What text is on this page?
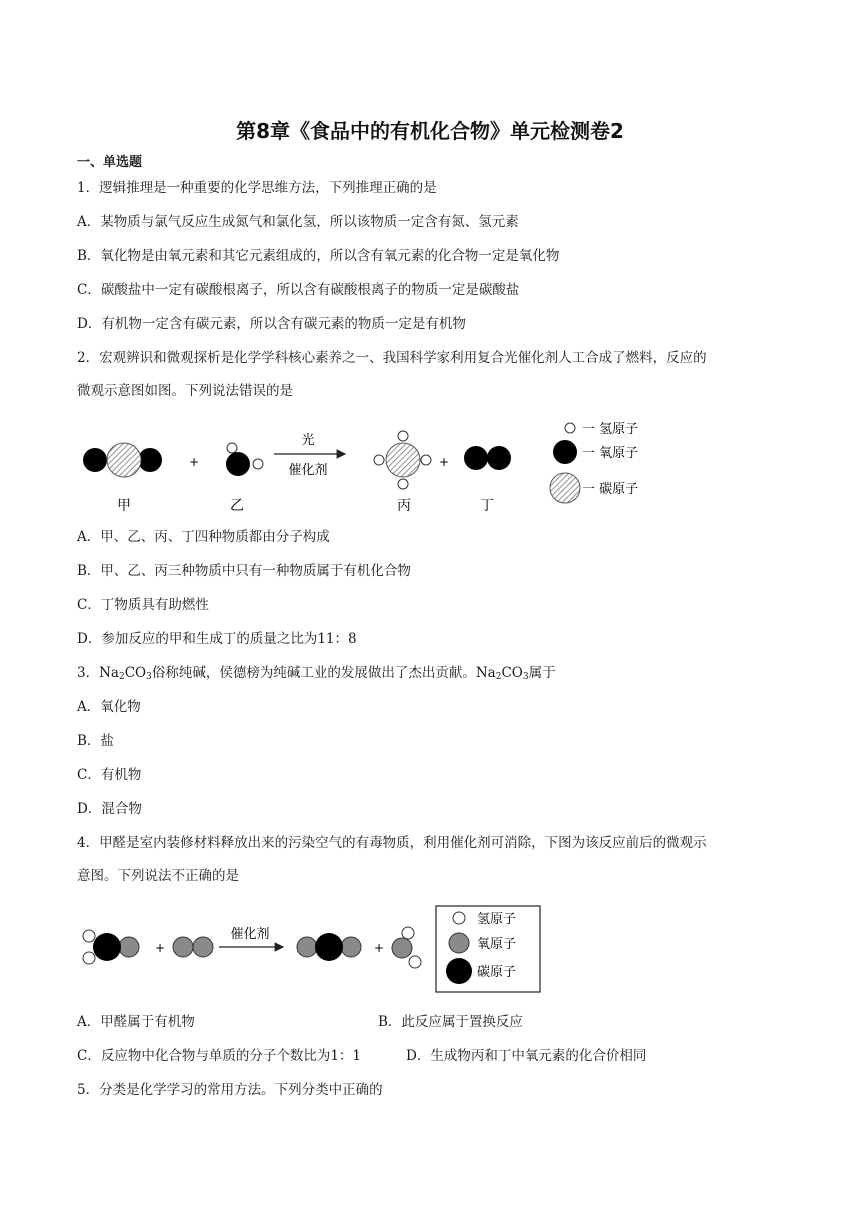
第8章《食品中的有机化合物》单元检测卷2
一、单选题
1．逻辑推理是一种重要的化学思维方法，下列推理正确的是
A．某物质与氯气反应生成氮气和氯化氢，所以该物质一定含有氮、氢元素
B．氧化物是由氧元素和其它元素组成的，所以含有氧元素的化合物一定是氧化物
C．碳酸盐中一定有碳酸根离子，所以含有碳酸根离子的物质一定是碳酸盐
D．有机物一定含有碳元素，所以含有碳元素的物质一定是有机物
2．宏观辨识和微观探析是化学学科核心素养之一、我国科学家利用复合光催化剂人工合成了燃料，反应的
微观示意图如图。下列说法错误的是
+
光
催化剂
+
甲	乙	丙	丁
一 氢原子
一 氧原子
一 碳原子
A．甲、乙、丙、丁四种物质都由分子构成
B．甲、乙、丙三种物质中只有一种物质属于有机化合物
C．丁物质具有助燃性
D．参加反应的甲和生成丁的质量之比为11：8
3．$Na_2CO_3$俗称纯碱，侯德榜为纯碱工业的发展做出了杰出贡献。$Na_2CO_3$属于
A．氧化物
B．盐
C．有机物
D．混合物
4．甲醛是室内装修材料释放出来的污染空气的有毒物质，利用催化剂可消除，下图为该反应前后的微观示
意图。下列说法不正确的是
+
催化剂
+
氢原子
氧原子
碳原子
A．甲醛属于有机物	B．此反应属于置换反应
C．反应物中化合物与单质的分子个数比为1：1	D．生成物丙和丁中氧元素的化合价相同
5．分类是化学学习的常用方法。下列分类中正确的
